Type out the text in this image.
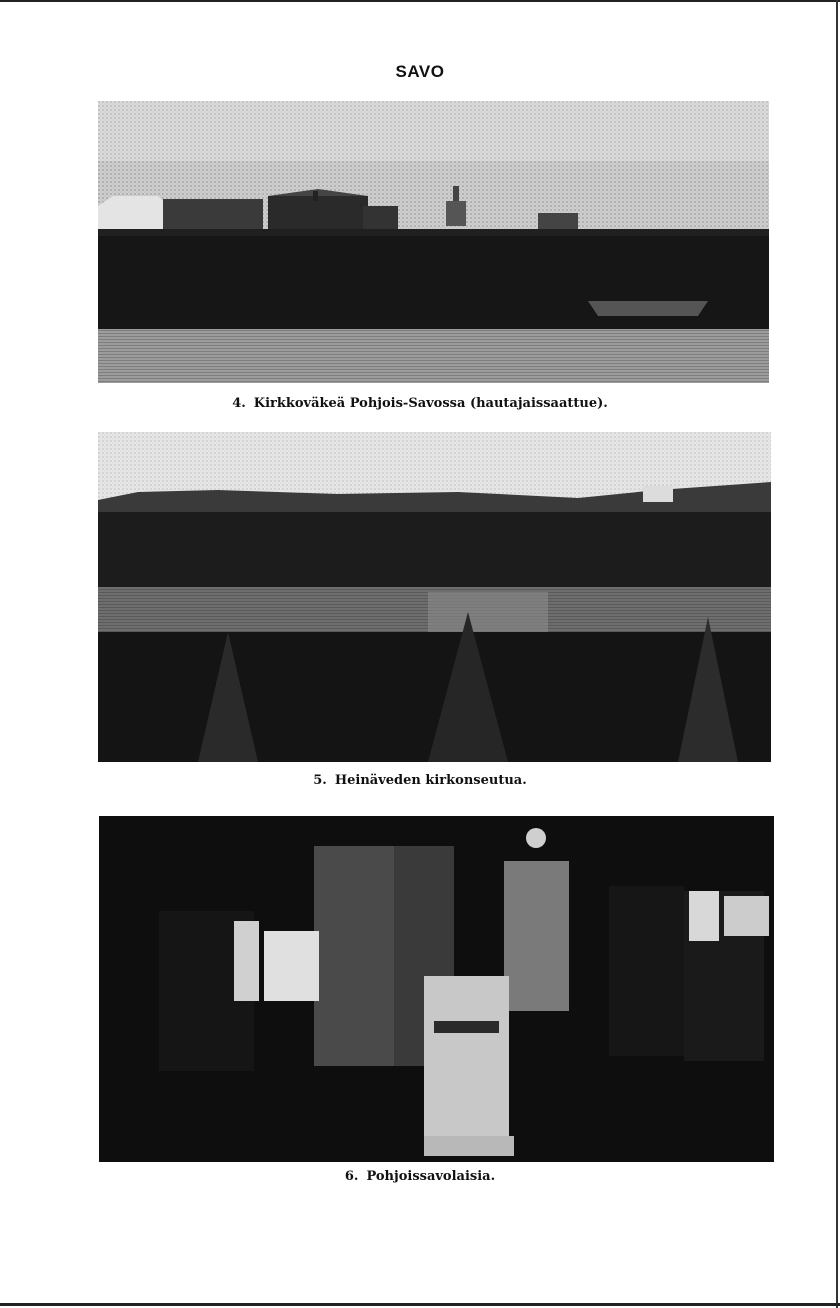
SAVO
4. Kirkkoväkeä Pohjois-Savossa (hautajaissaattue).
5. Heinäveden kirkonseutua.
6. Pohjoissavolaisia.
